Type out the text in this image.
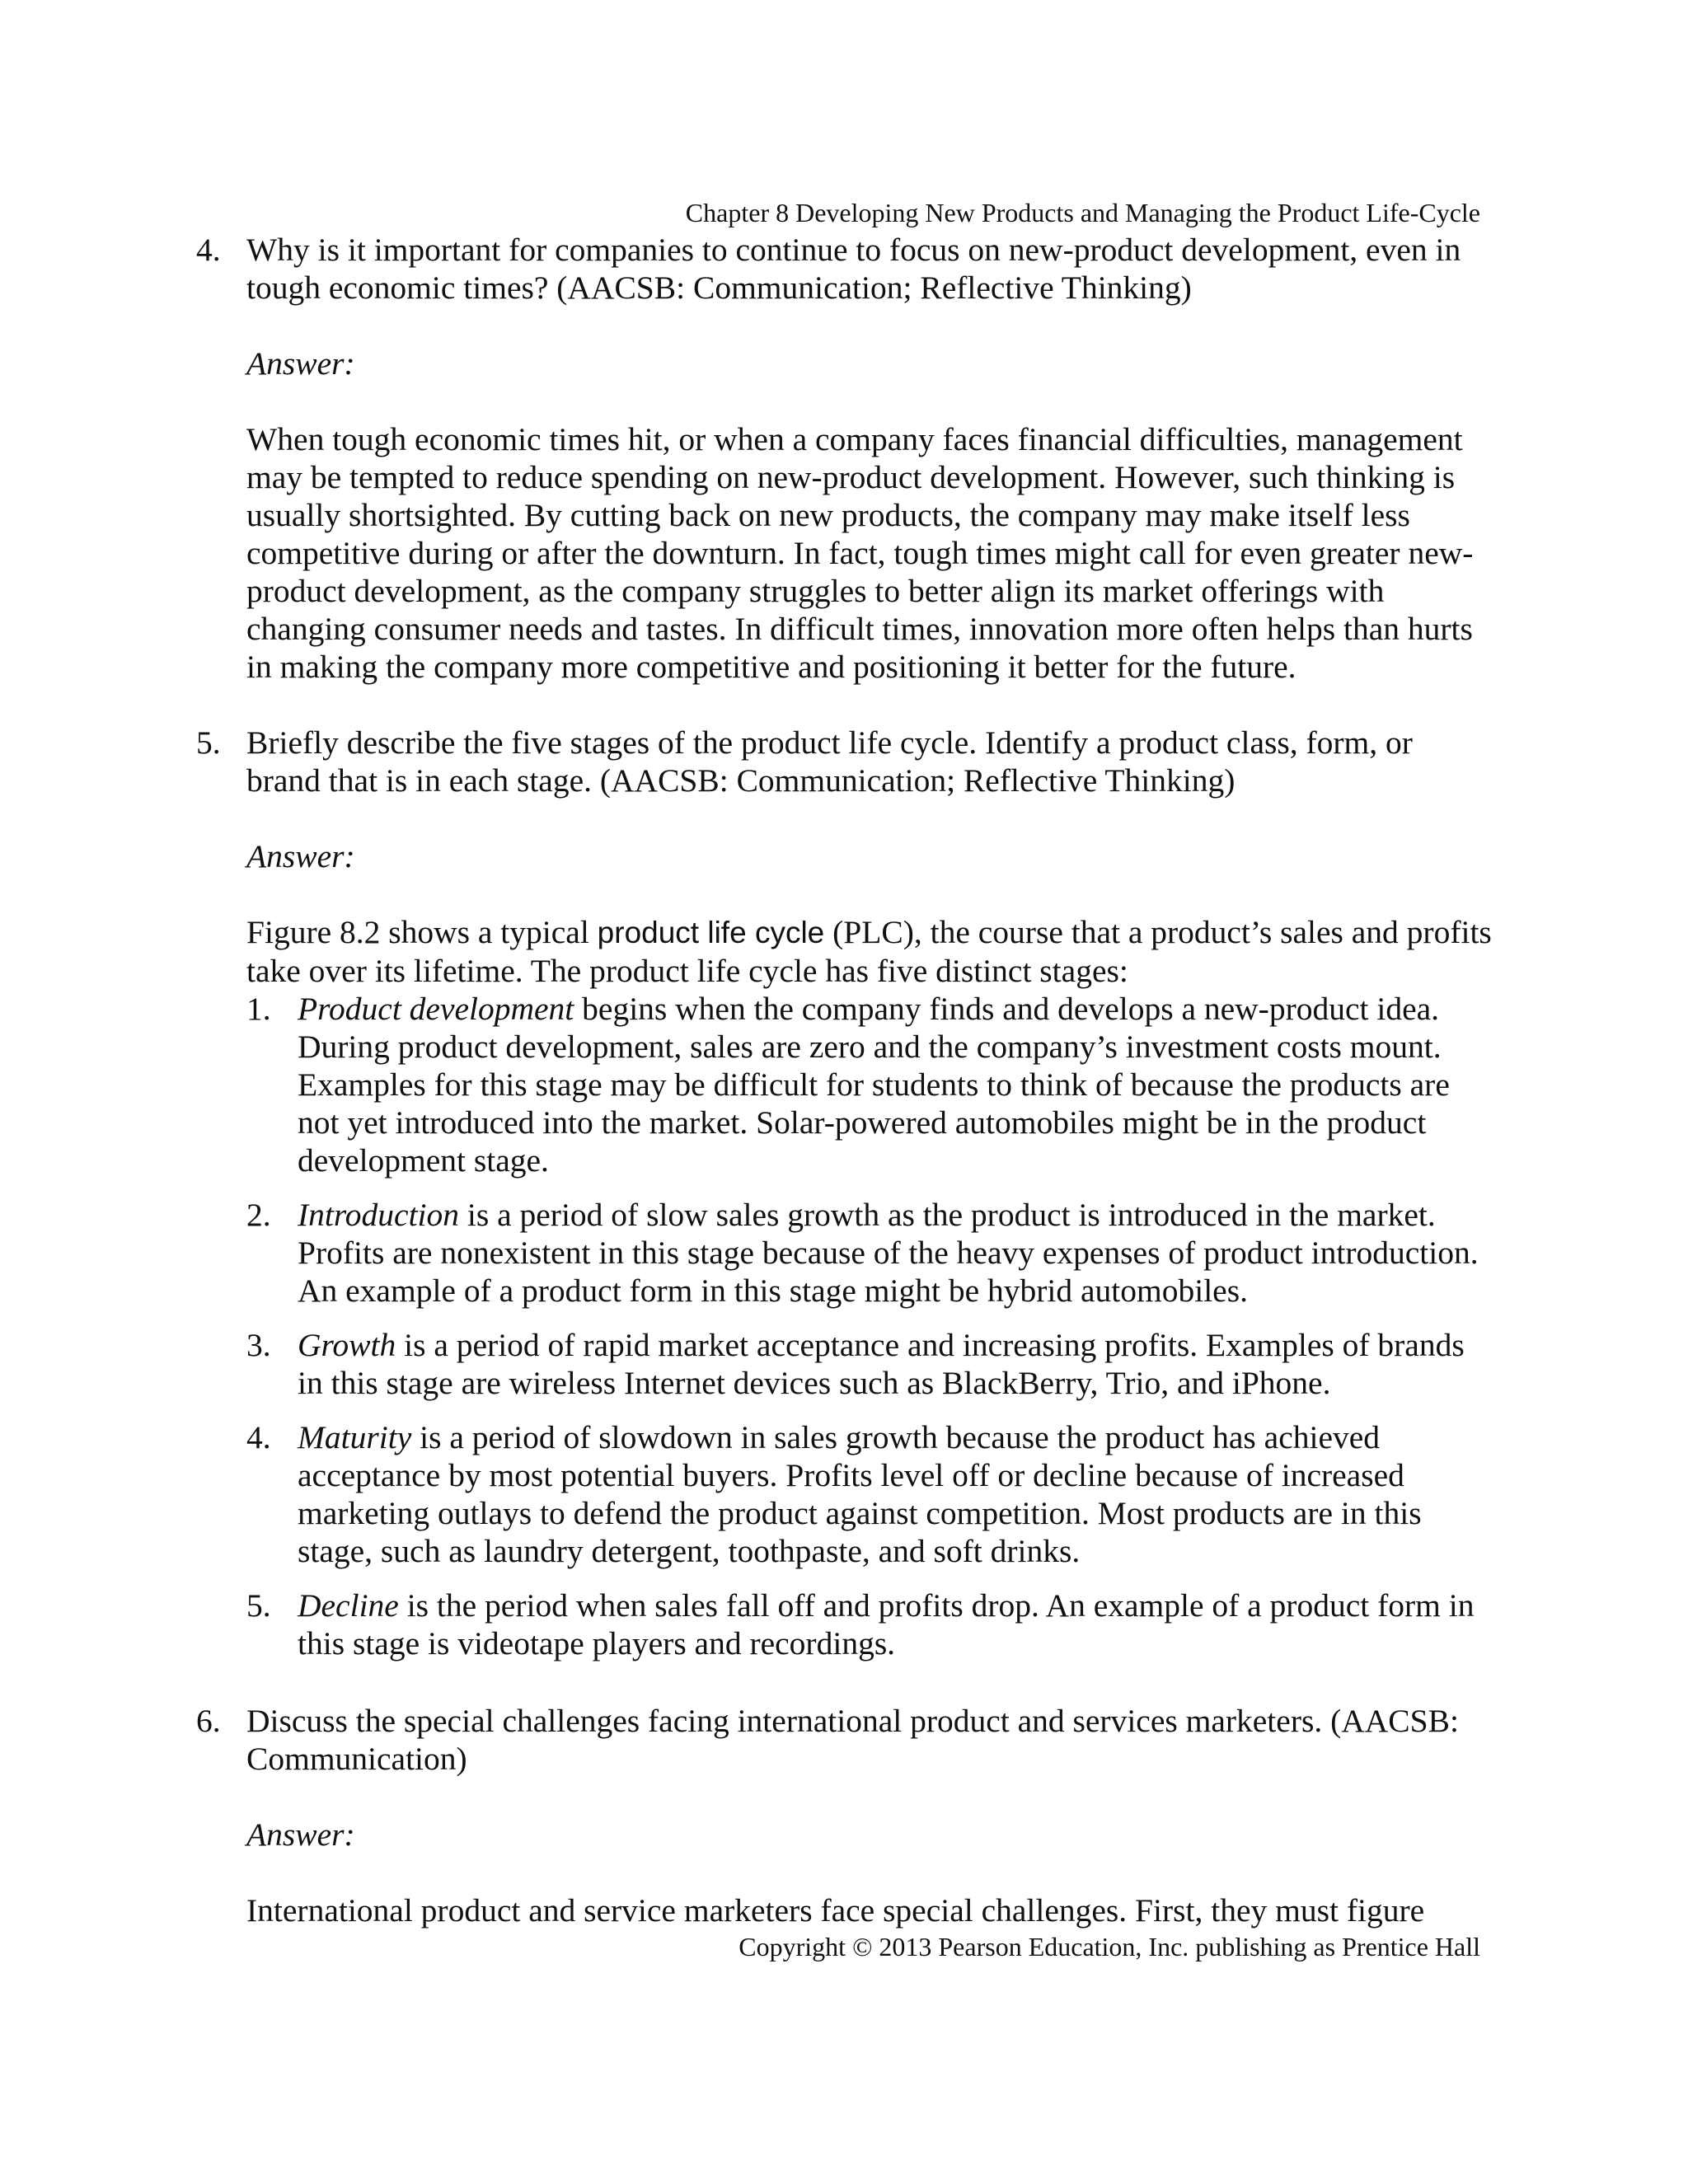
Chapter 8 Developing New Products and Managing the Product Life-Cycle
4. Why is it important for companies to continue to focus on new-product development, even in tough economic times? (AACSB: Communication; Reflective Thinking)
Answer:
When tough economic times hit, or when a company faces financial difficulties, management may be tempted to reduce spending on new-product development. However, such thinking is usually shortsighted. By cutting back on new products, the company may make itself less competitive during or after the downturn. In fact, tough times might call for even greater new-product development, as the company struggles to better align its market offerings with changing consumer needs and tastes. In difficult times, innovation more often helps than hurts in making the company more competitive and positioning it better for the future.
5. Briefly describe the five stages of the product life cycle. Identify a product class, form, or brand that is in each stage. (AACSB: Communication; Reflective Thinking)
Answer:
Figure 8.2 shows a typical product life cycle (PLC), the course that a product’s sales and profits take over its lifetime. The product life cycle has five distinct stages:
1. Product development begins when the company finds and develops a new-product idea. During product development, sales are zero and the company’s investment costs mount. Examples for this stage may be difficult for students to think of because the products are not yet introduced into the market. Solar-powered automobiles might be in the product development stage.
2. Introduction is a period of slow sales growth as the product is introduced in the market. Profits are nonexistent in this stage because of the heavy expenses of product introduction. An example of a product form in this stage might be hybrid automobiles.
3. Growth is a period of rapid market acceptance and increasing profits. Examples of brands in this stage are wireless Internet devices such as BlackBerry, Trio, and iPhone.
4. Maturity is a period of slowdown in sales growth because the product has achieved acceptance by most potential buyers. Profits level off or decline because of increased marketing outlays to defend the product against competition. Most products are in this stage, such as laundry detergent, toothpaste, and soft drinks.
5. Decline is the period when sales fall off and profits drop. An example of a product form in this stage is videotape players and recordings.
6. Discuss the special challenges facing international product and services marketers. (AACSB: Communication)
Answer:
International product and service marketers face special challenges. First, they must figure
Copyright © 2013 Pearson Education, Inc. publishing as Prentice Hall
